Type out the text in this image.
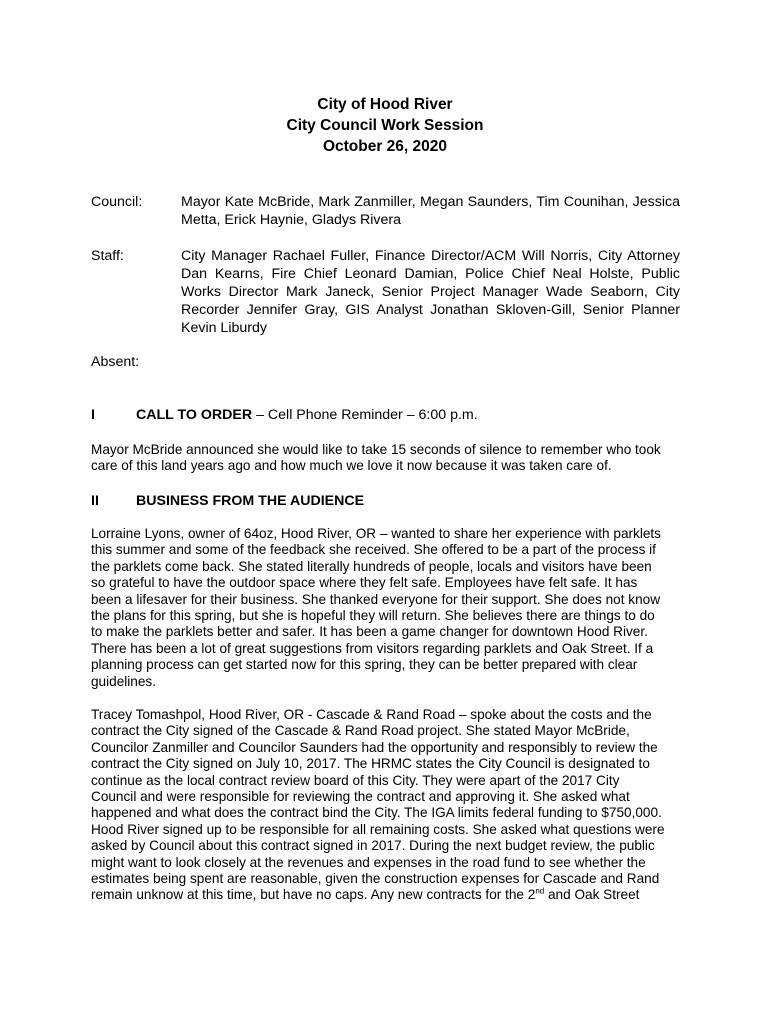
City of Hood River
City Council Work Session
October 26, 2020
Council:	Mayor Kate McBride, Mark Zanmiller, Megan Saunders, Tim Counihan, Jessica Metta, Erick Haynie, Gladys Rivera
Staff:	City Manager Rachael Fuller, Finance Director/ACM Will Norris, City Attorney Dan Kearns, Fire Chief Leonard Damian, Police Chief Neal Holste, Public Works Director Mark Janeck, Senior Project Manager Wade Seaborn, City Recorder Jennifer Gray, GIS Analyst Jonathan Skloven-Gill, Senior Planner Kevin Liburdy
Absent:
I	CALL TO ORDER – Cell Phone Reminder – 6:00 p.m.
Mayor McBride announced she would like to take 15 seconds of silence to remember who took
care of this land years ago and how much we love it now because it was taken care of.
II	BUSINESS FROM THE AUDIENCE
Lorraine Lyons, owner of 64oz, Hood River, OR – wanted to share her experience with parklets
this summer and some of the feedback she received. She offered to be a part of the process if
the parklets come back. She stated literally hundreds of people, locals and visitors have been
so grateful to have the outdoor space where they felt safe. Employees have felt safe. It has
been a lifesaver for their business. She thanked everyone for their support. She does not know
the plans for this spring, but she is hopeful they will return. She believes there are things to do
to make the parklets better and safer. It has been a game changer for downtown Hood River.
There has been a lot of great suggestions from visitors regarding parklets and Oak Street. If a
planning process can get started now for this spring, they can be better prepared with clear
guidelines.
Tracey Tomashpol, Hood River, OR - Cascade & Rand Road – spoke about the costs and the
contract the City signed of the Cascade & Rand Road project. She stated Mayor McBride,
Councilor Zanmiller and Councilor Saunders had the opportunity and responsibly to review the
contract the City signed on July 10, 2017. The HRMC states the City Council is designated to
continue as the local contract review board of this City. They were apart of the 2017 City
Council and were responsible for reviewing the contract and approving it. She asked what
happened and what does the contract bind the City. The IGA limits federal funding to $750,000.
Hood River signed up to be responsible for all remaining costs. She asked what questions were
asked by Council about this contract signed in 2017. During the next budget review, the public
might want to look closely at the revenues and expenses in the road fund to see whether the
estimates being spent are reasonable, given the construction expenses for Cascade and Rand
remain unknow at this time, but have no caps. Any new contracts for the 2nd and Oak Street
